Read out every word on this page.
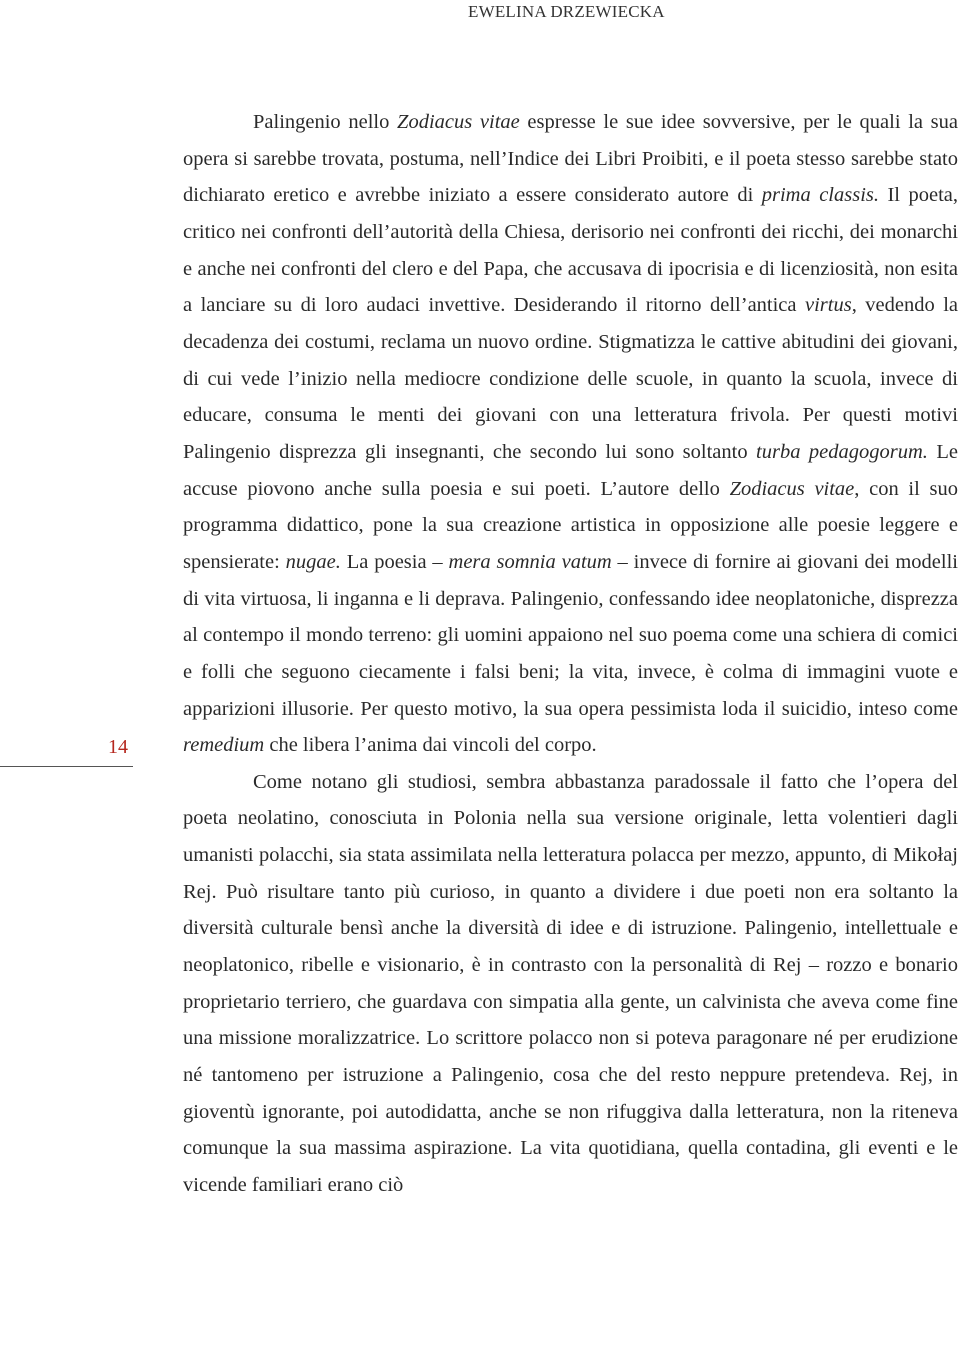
EWELINA DRZEWIECKA
14

Palingenio nello Zodiacus vitae espresse le sue idee sovversive, per le quali la sua opera si sarebbe trovata, postuma, nell’Indice dei Libri Proibiti, e il poeta stesso sarebbe stato dichiarato eretico e avrebbe iniziato a essere considerato autore di prima classis. Il poeta, critico nei confronti dell’autorità della Chiesa, derisorio nei confronti dei ricchi, dei monarchi e anche nei confronti del clero e del Papa, che accusava di ipocrisia e di licenziosità, non esita a lanciare su di loro audaci invettive. Desiderando il ritorno dell’antica virtus, vedendo la decadenza dei costumi, reclama un nuovo ordine. Stigmatizza le cattive abitudini dei giovani, di cui vede l’inizio nella mediocre condizione delle scuole, in quanto la scuola, invece di educare, consuma le menti dei giovani con una letteratura frivola. Per questi motivi Palingenio disprezza gli insegnanti, che secondo lui sono soltanto turba pedagogorum. Le accuse piovono anche sulla poesia e sui poeti. L’autore dello Zodiacus vitae, con il suo programma didattico, pone la sua creazione artistica in opposizione alle poesie leggere e spensierate: nugae. La poesia – mera somnia vatum – invece di fornire ai giovani dei modelli di vita virtuosa, li inganna e li deprava. Palingenio, confessando idee neoplatoniche, disprezza al contempo il mondo terreno: gli uomini appaiono nel suo poema come una schiera di comici e folli che seguono ciecamente i falsi beni; la vita, invece, è colma di immagini vuote e apparizioni illusorie. Per questo motivo, la sua opera pessimista loda il suicidio, inteso come remedium che libera l’anima dai vincoli del corpo.

Come notano gli studiosi, sembra abbastanza paradossale il fatto che l’opera del poeta neolatino, conosciuta in Polonia nella sua versione originale, letta volentieri dagli umanisti polacchi, sia stata assimilata nella letteratura polacca per mezzo, appunto, di Mikołaj Rej. Può risultare tanto più curioso, in quanto a dividere i due poeti non era soltanto la diversità culturale bensì anche la diversità di idee e di istruzione. Palingenio, intellettuale e neoplatonico, ribelle e visionario, è in contrasto con la personalità di Rej – rozzo e bonario proprietario terriero, che guardava con simpatia alla gente, un calvinista che aveva come fine una missione moralizzatrice. Lo scrittore polacco non si poteva paragonare né per erudizione né tantomeno per istruzione a Palingenio, cosa che del resto neppure pretendeva. Rej, in gioventù ignorante, poi autodidatta, anche se non rifuggiva dalla letteratura, non la riteneva comunque la sua massima aspirazione. La vita quotidiana, quella contadina, gli eventi e le vicende familiari erano ciò
